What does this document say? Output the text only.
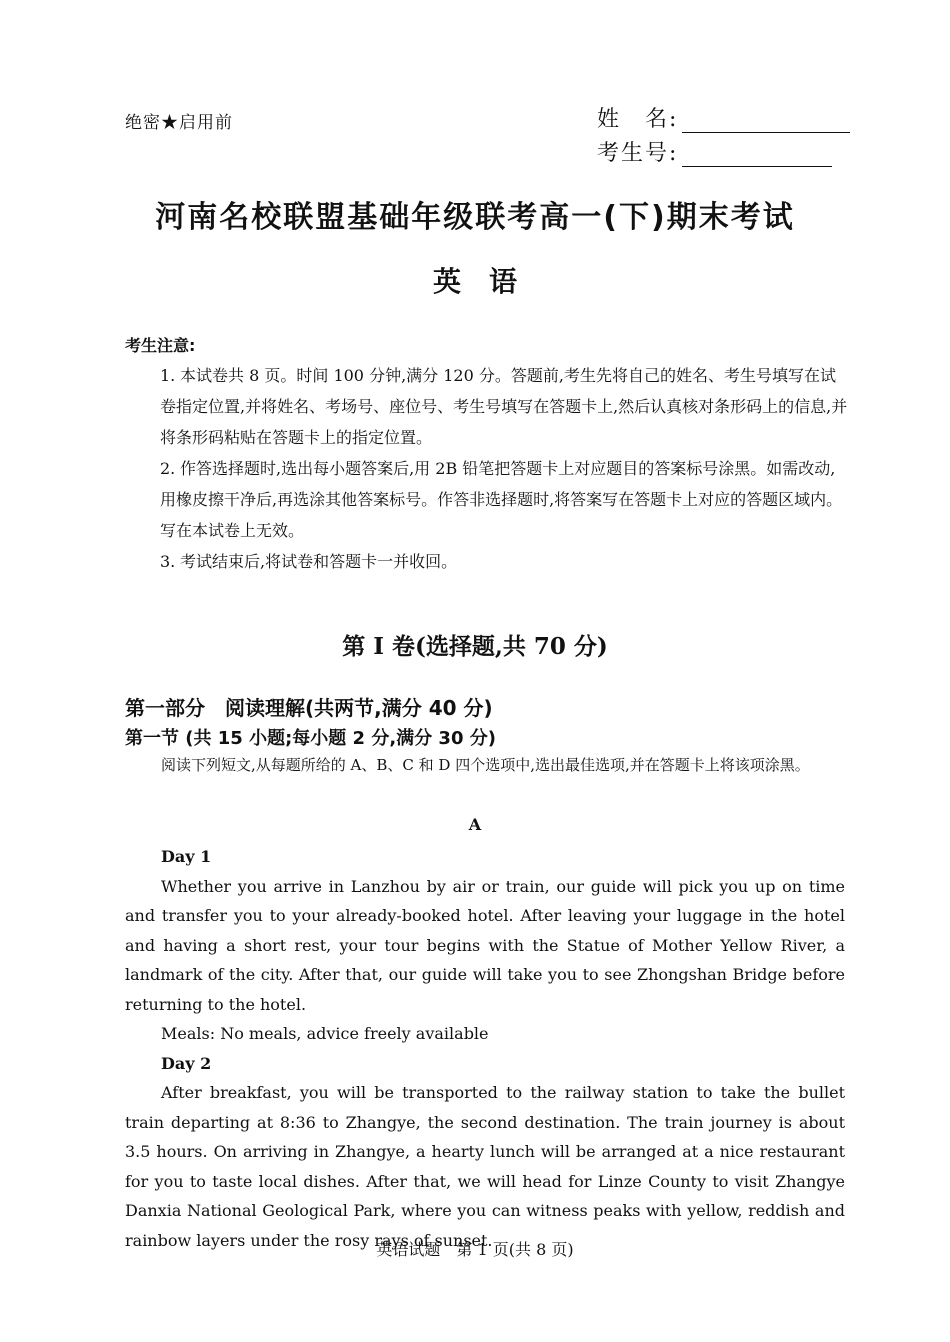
绝密★启用前	姓　名:
考生号:
河南名校联盟基础年级联考高一(下)期末考试
英　语
考生注意:

1. 本试卷共 8 页。时间 100 分钟,满分 120 分。答题前,考生先将自己的姓名、考生号填写在试卷指定位置,并将姓名、考场号、座位号、考生号填写在答题卡上,然后认真核对条形码上的信息,并将条形码粘贴在答题卡上的指定位置。

2. 作答选择题时,选出每小题答案后,用 2B 铅笔把答题卡上对应题目的答案标号涂黑。如需改动,用橡皮擦干净后,再选涂其他答案标号。作答非选择题时,将答案写在答题卡上对应的答题区域内。写在本试卷上无效。

3. 考试结束后,将试卷和答题卡一并收回。

第 I 卷(选择题,共 70 分)
第一部分　阅读理解(共两节,满分 40 分)
第一节 (共 15 小题;每小题 2 分,满分 30 分)
阅读下列短文,从每题所给的 A、B、C 和 D 四个选项中,选出最佳选项,并在答题卡上将该项涂黑。
A

Day 1

Whether you arrive in Lanzhou by air or train, our guide will pick you up on time and transfer you to your already-booked hotel. After leaving your luggage in the hotel and having a short rest, your tour begins with the Statue of Mother Yellow River, a landmark of the city. After that, our guide will take you to see Zhongshan Bridge before returning to the hotel.

Meals: No meals, advice freely available

Day 2

After breakfast, you will be transported to the railway station to take the bullet train departing at 8:36 to Zhangye, the second destination. The train journey is about 3.5 hours. On arriving in Zhangye, a hearty lunch will be arranged at a nice restaurant for you to taste local dishes. After that, we will head for Linze County to visit Zhangye Danxia National Geological Park, where you can witness peaks with yellow, reddish and rainbow layers under the rosy rays of sunset.

英语试题　第 1 页(共 8 页)
